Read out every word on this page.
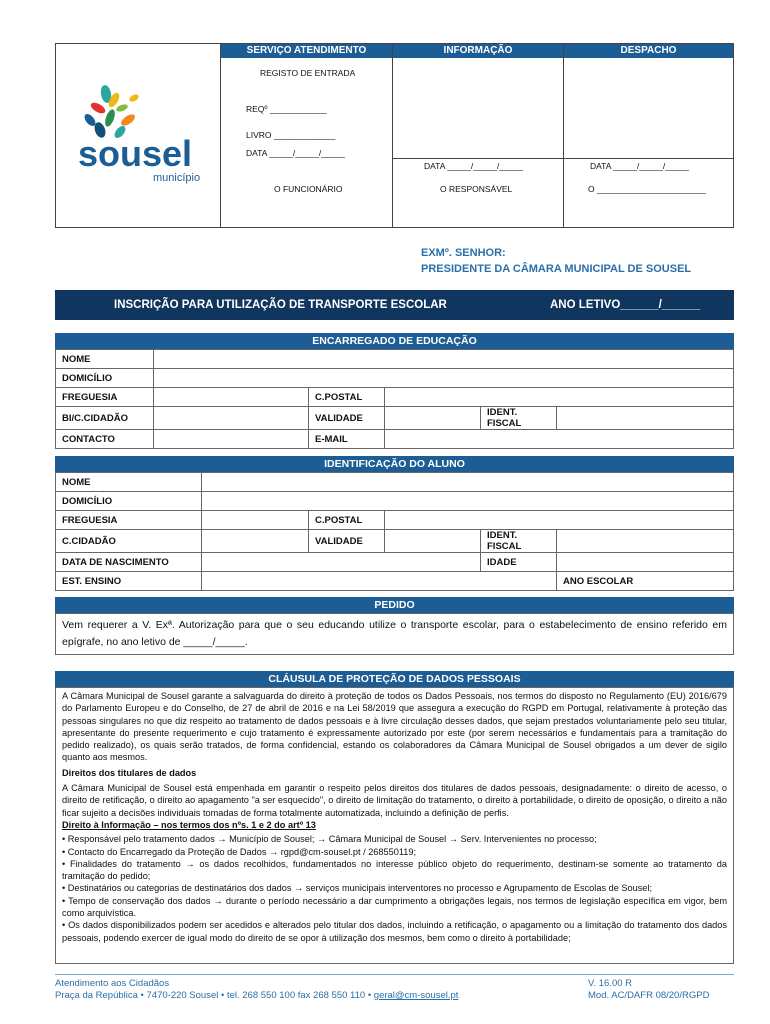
SERVIÇO ATENDIMENTO	INFORMAÇÃO	DESPACHO
REGISTO DE ENTRADA
REQº ____________
LIVRO _____________
DATA _____/_____/_____
DATA _____/_____/_____	DATA _____/_____/_____
O FUNCIONÁRIO	O RESPONSÁVEL	O _______________________
sousel
município
EXMº. SENHOR:
PRESIDENTE DA CÂMARA MUNICIPAL DE SOUSEL
INSCRIÇÃO PARA UTILIZAÇÃO DE TRANSPORTE ESCOLAR	ANO LETIVO______/______
ENCARREGADO DE EDUCAÇÃO
NOME					
DOMICÍLIO					
FREGUESIA		C.POSTAL			
BI/C.CIDADÃO		VALIDADE		IDENT. FISCAL	
CONTACTO		E-MAIL			
IDENTIFICAÇÃO DO ALUNO
NOME					
DOMICÍLIO					
FREGUESIA		C.POSTAL			
C.CIDADÃO		VALIDADE		IDENT. FISCAL	
DATA DE NASCIMENTO				IDADE	
EST. ENSINO					ANO ESCOLAR
PEDIDO

Vem requerer a V. Exª. Autorização para que o seu educando utilize o transporte escolar, para o estabelecimento de ensino referido em epígrafe, no ano letivo de _____/_____.

CLÁUSULA DE PROTEÇÃO DE DADOS PESSOAIS

A Câmara Municipal de Sousel garante a salvaguarda do direito à proteção de todos os Dados Pessoais, nos termos do disposto no Regulamento (EU) 2016/679 do Parlamento Europeu e do Conselho, de 27 de abril de 2016 e na Lei 58/2019 que assegura a execução do RGPD em Portugal, relativamente à proteção das pessoas singulares no que diz respeito ao tratamento de dados pessoais e à livre circulação desses dados, que sejam prestados voluntariamente pelo seu titular, apresentante do presente requerimento e cujo tratamento é expressamente autorizado por este (por serem necessários e fundamentais para a tramitação do pedido realizado), os quais serão tratados, de forma confidencial, estando os colaboradores da Câmara Municipal de Sousel obrigados a um dever de sigilo quanto aos mesmos.

Direitos dos titulares de dados

A Câmara Municipal de Sousel está empenhada em garantir o respeito pelos direitos dos titulares de dados pessoais, designadamente: o direito de acesso, o direito de retificação, o direito ao apagamento "a ser esquecido", o direito de limitação do tratamento, o direito à portabilidade, o direito de oposição, o direito a não ficar sujeito a decisões individuais tomadas de forma totalmente automatizada, incluindo a definição de perfis.

Direito à Informação – nos termos dos nºs. 1 e 2 do artº 13

• Responsável pelo tratamento dados → Município de Sousel; → Câmara Municipal de Sousel → Serv. Intervenientes no processo;

• Contacto do Encarregado da Proteção de Dados → rgpd@cm-sousel.pt / 268550119;

• Finalidades do tratamento → os dados recolhidos, fundamentados no interesse público objeto do requerimento, destinam-se somente ao tratamento da tramitação do pedido;

• Destinatários ou categorias de destinatários dos dados → serviços municipais interventores no processo e Agrupamento de Escolas de Sousel;

• Tempo de conservação dos dados → durante o período necessário a dar cumprimento a obrigações legais, nos termos de legislação específica em vigor, bem como arquivística.

• Os dados disponibilizados podem ser acedidos e alterados pelo titular dos dados, incluindo a retificação, o apagamento ou a limitação do tratamento dos dados pessoais, podendo exercer de igual modo do direito de se opor à utilização dos mesmos, bem como o direito à portabilidade;

Atendimento aos Cidadãos
Praça da República • 7470-220 Sousel • tel. 268 550 100 fax 268 550 110 • geral@cm-sousel.pt
V. 16.00 R
Mod. AC/DAFR 08/20/RGPD
